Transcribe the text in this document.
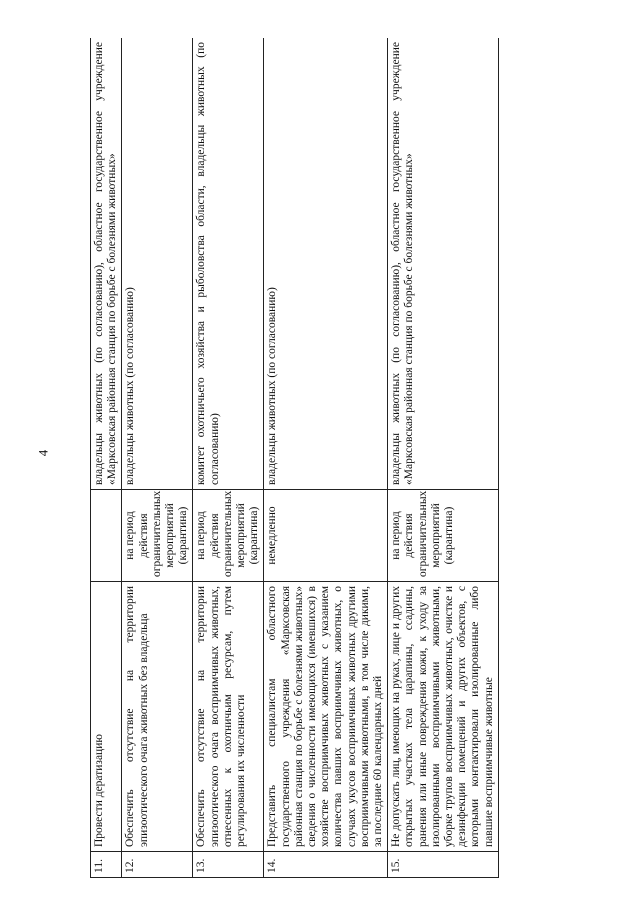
4
11.	Провести дератизацию		владельцы животных (по согласованию), областное государственное учреждение «Марксовская районная станция по борьбе с болезнями животных»
12.	Обеспечить отсутствие на территории эпизоотического очага животных без владельца	на период действия ограничительных мероприятий (карантина)	владельцы животных (по согласованию)
13.	Обеспечить отсутствие на территории эпизоотического очага восприимчивых животных, отнесенных к охотничьим ресурсам, путем регулирования их численности	на период действия ограничительных мероприятий (карантина)	комитет охотничьего хозяйства и рыболовства области, владельцы животных (по согласованию)
14.	Представить специалистам областного государственного учреждения «Марксовская районная станция по борьбе с болезнями животных» сведения о численности имеющихся (имевшихся) в хозяйстве восприимчивых животных с указанием количества павших восприимчивых животных, о случаях укусов восприимчивых животных другими восприимчивыми животными, в том числе дикими, за последние 60 календарных дней	немедленно	владельцы животных (по согласованию)
15.	Не допускать лиц, имеющих на руках, лице и других открытых участках тела царапины, ссадины, ранения или иные повреждения кожи, к уходу за изолированными восприимчивыми животными, уборке трупов восприимчивых животных, очистке и дезинфекции помещений и других объектов, с которыми контактировали изолированные либо павшие восприимчивые животные	на период действия ограничительных мероприятий (карантина)	владельцы животных (по согласованию), областное государственное учреждение «Марксовская районная станция по борьбе с болезнями животных»
